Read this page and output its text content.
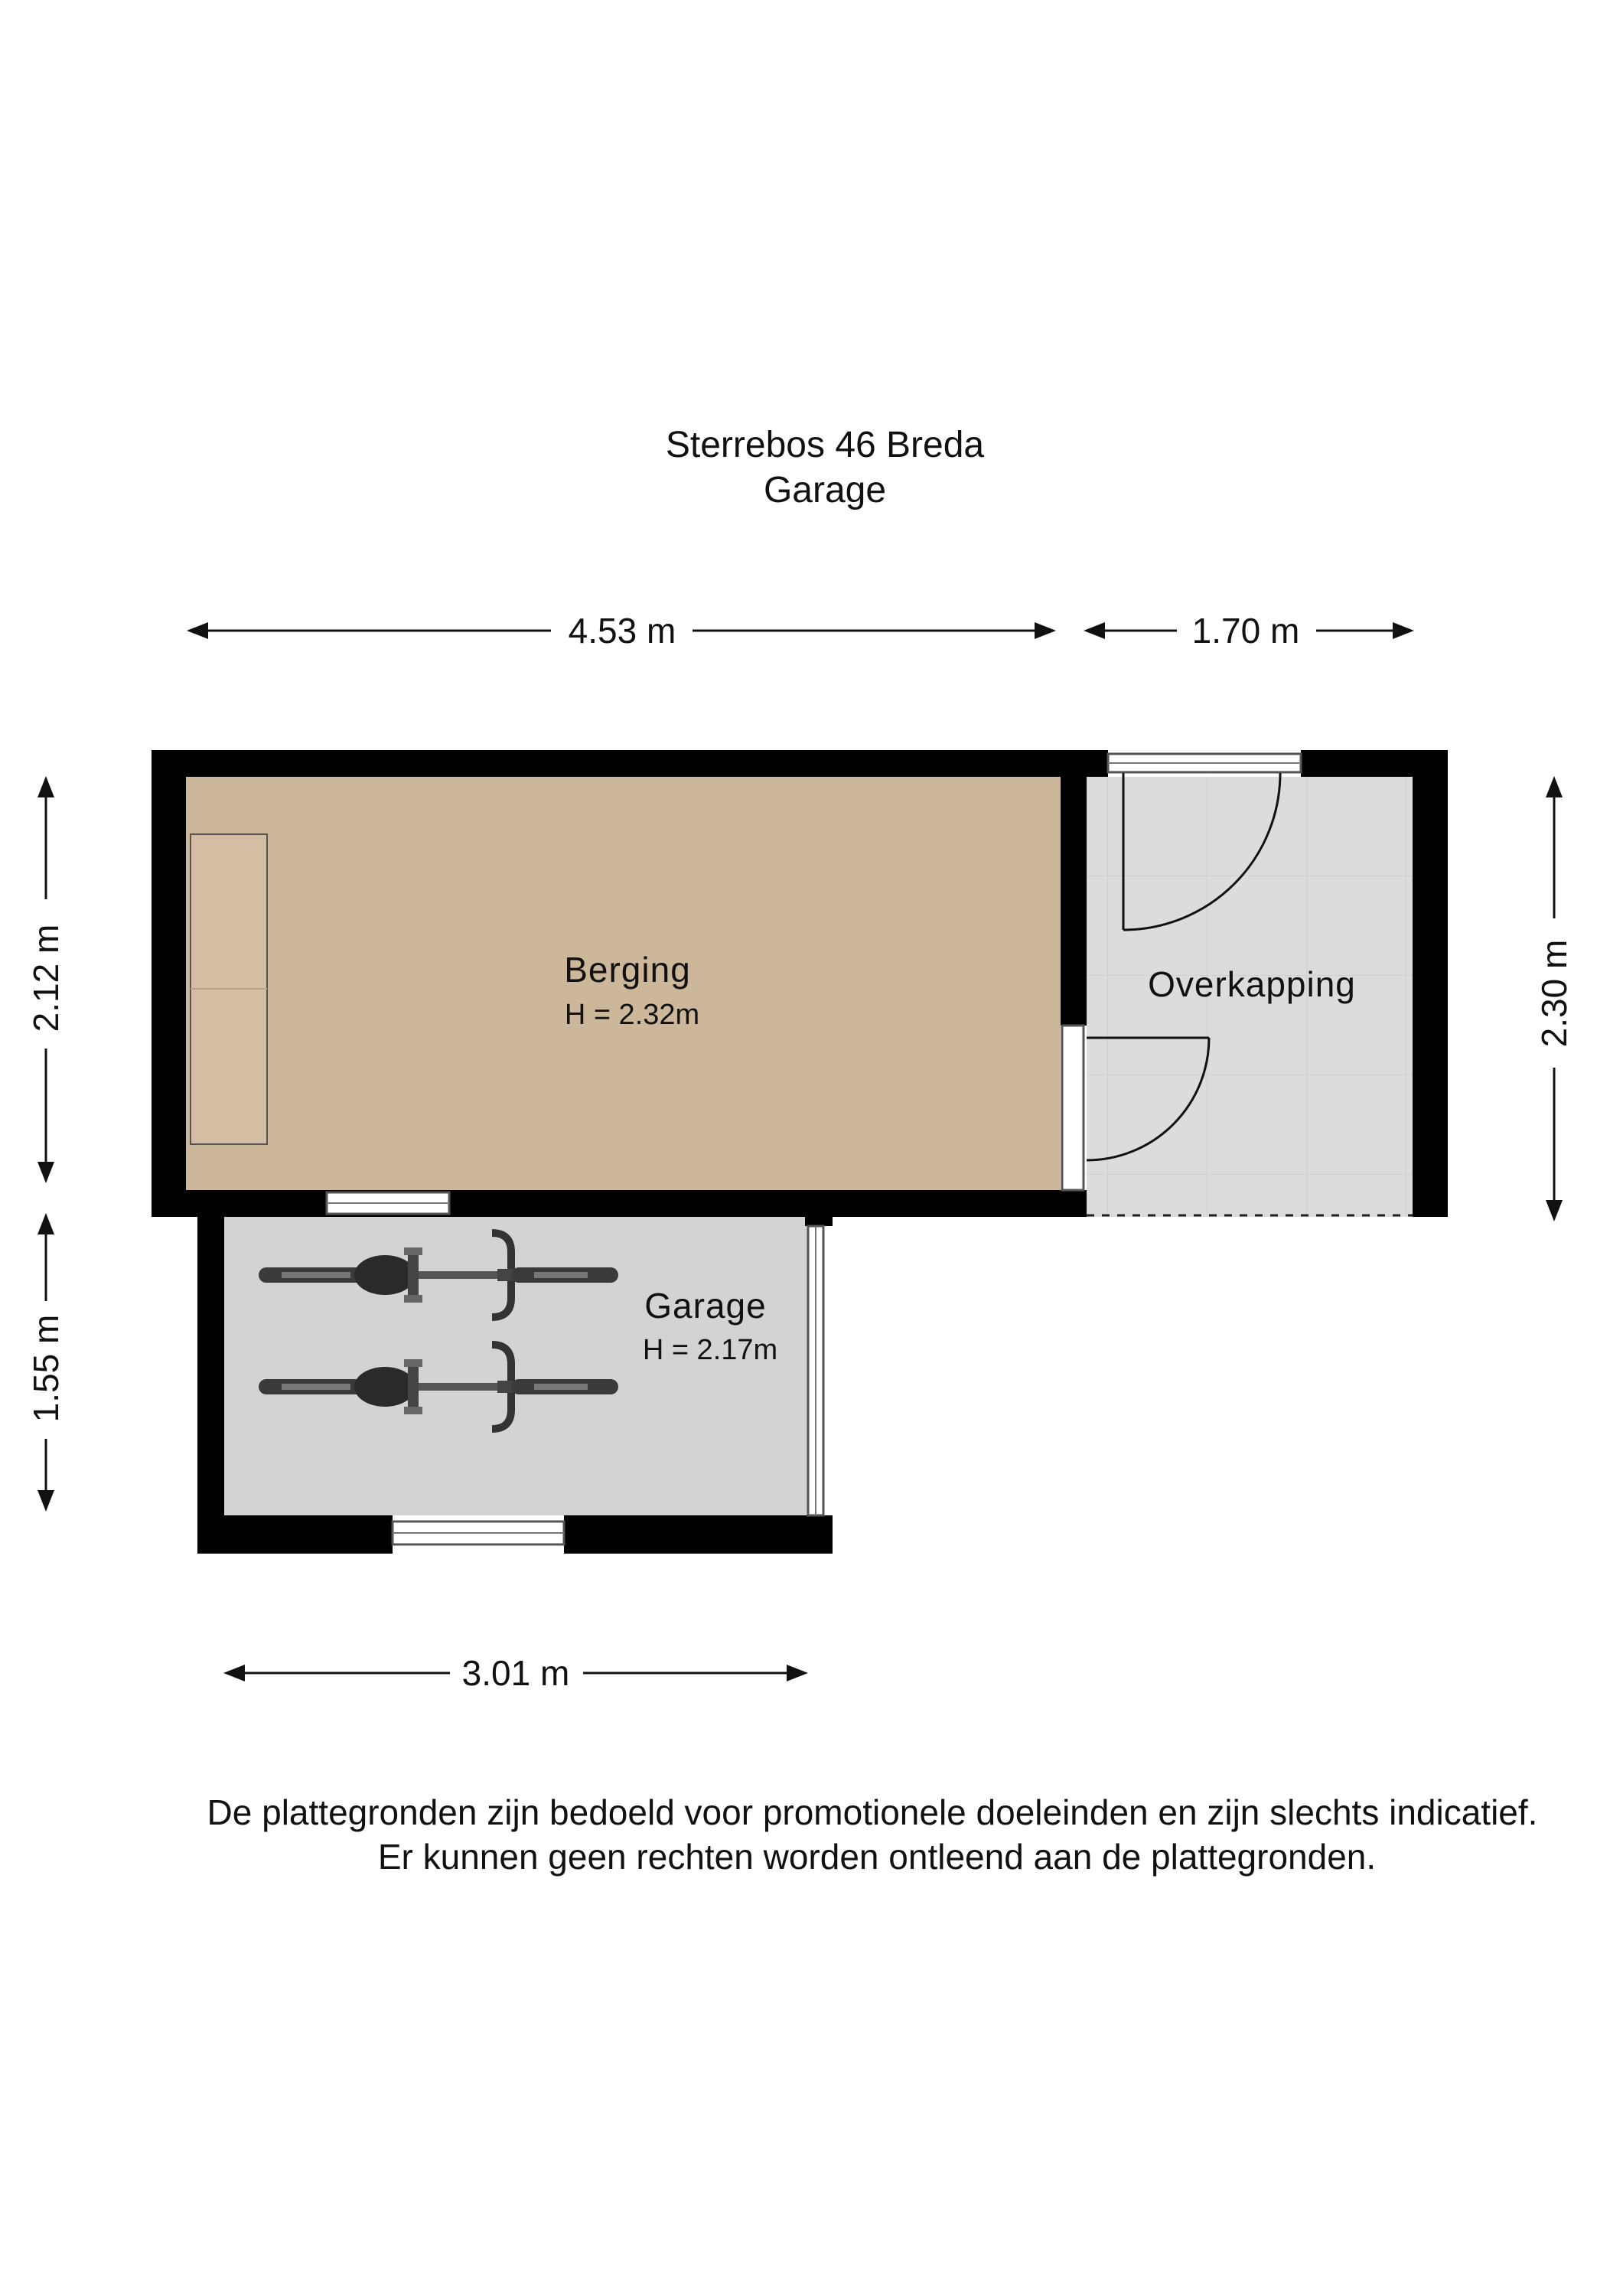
Sterrebos 46 Breda
Garage
4.53 m	1.70 m
2.12 m
1.55 m
2.30 m
3.01 m
Berging
H = 2.32m
Overkapping
Garage
H = 2.17m
De plattegronden zijn bedoeld voor promotionele doeleinden en zijn slechts indicatief.
Er kunnen geen rechten worden ontleend aan de plattegronden.
